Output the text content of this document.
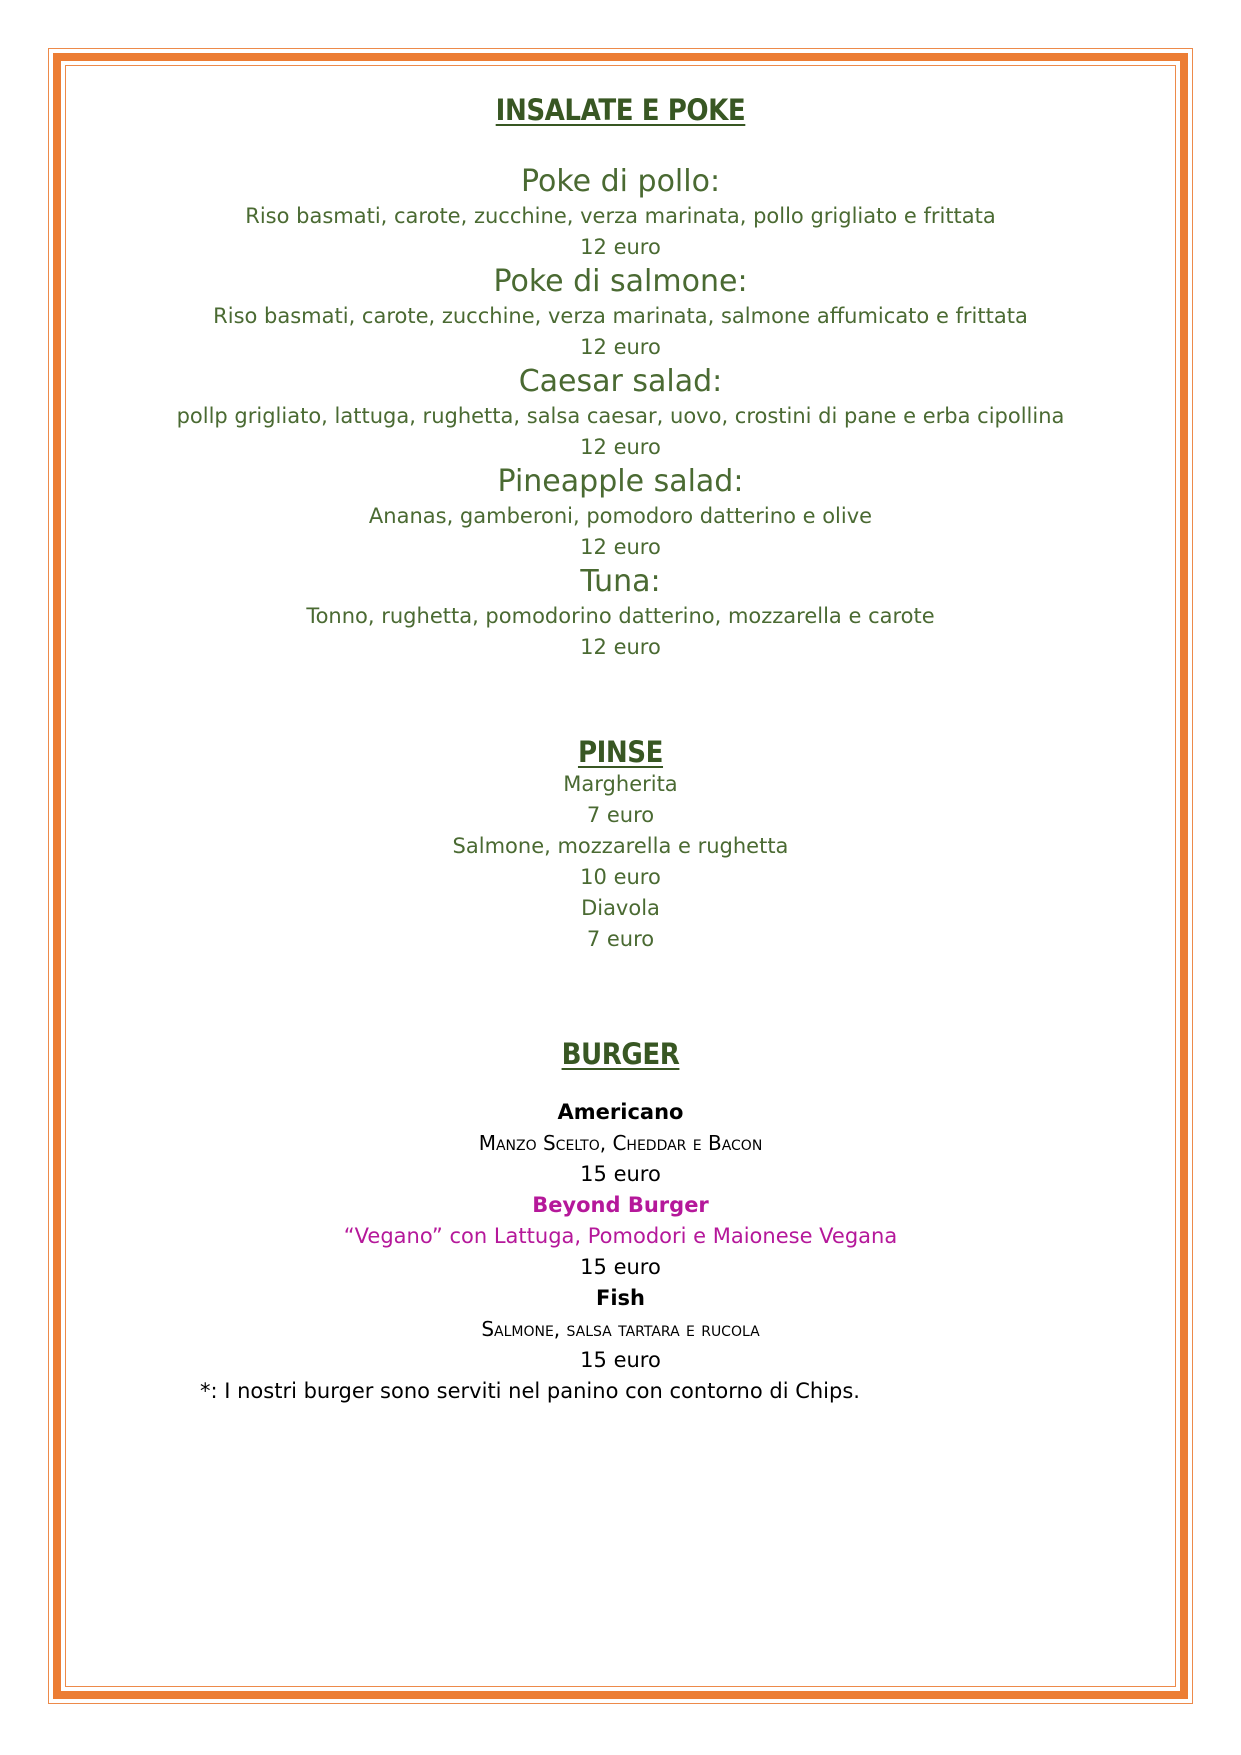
INSALATE E POKE
Poke di pollo:
Riso basmati, carote, zucchine, verza marinata, pollo grigliato e frittata
12 euro
Poke di salmone:
Riso basmati, carote, zucchine, verza marinata, salmone affumicato e frittata
12 euro
Caesar salad:
pollp grigliato, lattuga, rughetta, salsa caesar, uovo, crostini di pane e erba cipollina
12 euro
Pineapple salad:
Ananas, gamberoni, pomodoro datterino e olive
12 euro
Tuna:
Tonno, rughetta, pomodorino datterino, mozzarella e carote
12 euro
PINSE
Margherita
7 euro
Salmone, mozzarella e rughetta
10 euro
Diavola
7 euro
BURGER
Americano
Manzo Scelto, Cheddar e Bacon
15 euro
Beyond Burger
“Vegano” con Lattuga, Pomodori e Maionese Vegana
15 euro
Fish
Salmone, salsa tartara e rucola
15 euro
*: I nostri burger sono serviti nel panino con contorno di Chips.
